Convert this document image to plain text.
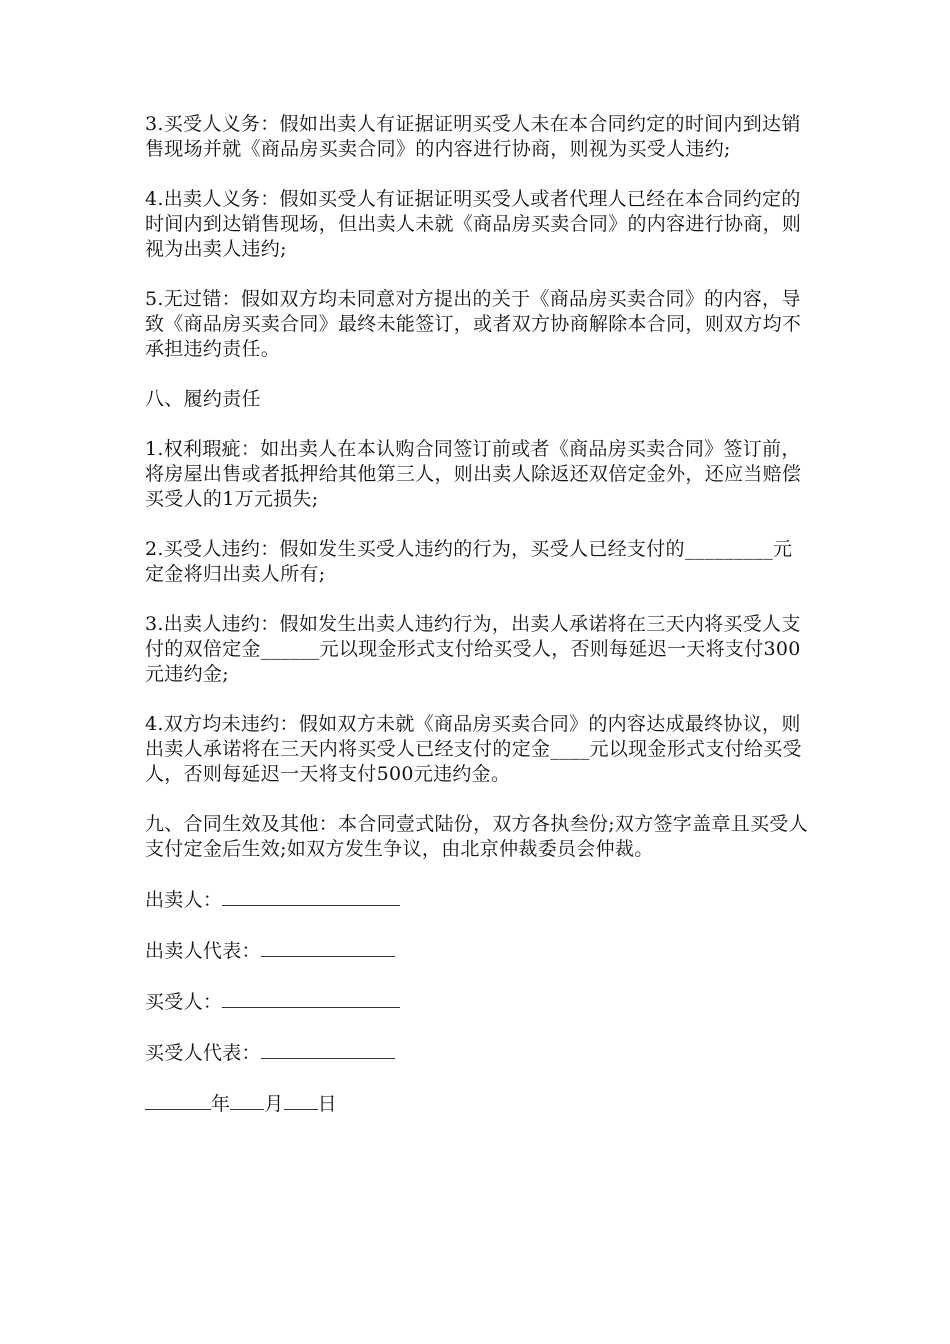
3.买受人义务：假如出卖人有证据证明买受人未在本合同约定的时间内到达销售现场并就《商品房买卖合同》的内容进行协商，则视为买受人违约;

4.出卖人义务：假如买受人有证据证明买受人或者代理人已经在本合同约定的时间内到达销售现场，但出卖人未就《商品房买卖合同》的内容进行协商，则视为出卖人违约;

5.无过错：假如双方均未同意对方提出的关于《商品房买卖合同》的内容，导致《商品房买卖合同》最终未能签订，或者双方协商解除本合同，则双方均不承担违约责任。

八、履约责任

1.权利瑕疵：如出卖人在本认购合同签订前或者《商品房买卖合同》签订前，将房屋出售或者抵押给其他第三人，则出卖人除返还双倍定金外，还应当赔偿买受人的1万元损失;

2.买受人违约：假如发生买受人违约的行为，买受人已经支付的_________元定金将归出卖人所有;

3.出卖人违约：假如发生出卖人违约行为，出卖人承诺将在三天内将买受人支付的双倍定金______元以现金形式支付给买受人，否则每延迟一天将支付300元违约金;

4.双方均未违约：假如双方未就《商品房买卖合同》的内容达成最终协议，则出卖人承诺将在三天内将买受人已经支付的定金____元以现金形式支付给买受人，否则每延迟一天将支付500元违约金。

九、合同生效及其他：本合同壹式陆份，双方各执叁份;双方签字盖章且买受人支付定金后生效;如双方发生争议，由北京仲裁委员会仲裁。

出卖人：
出卖人代表：
买受人：
买受人代表：
年 月 日
